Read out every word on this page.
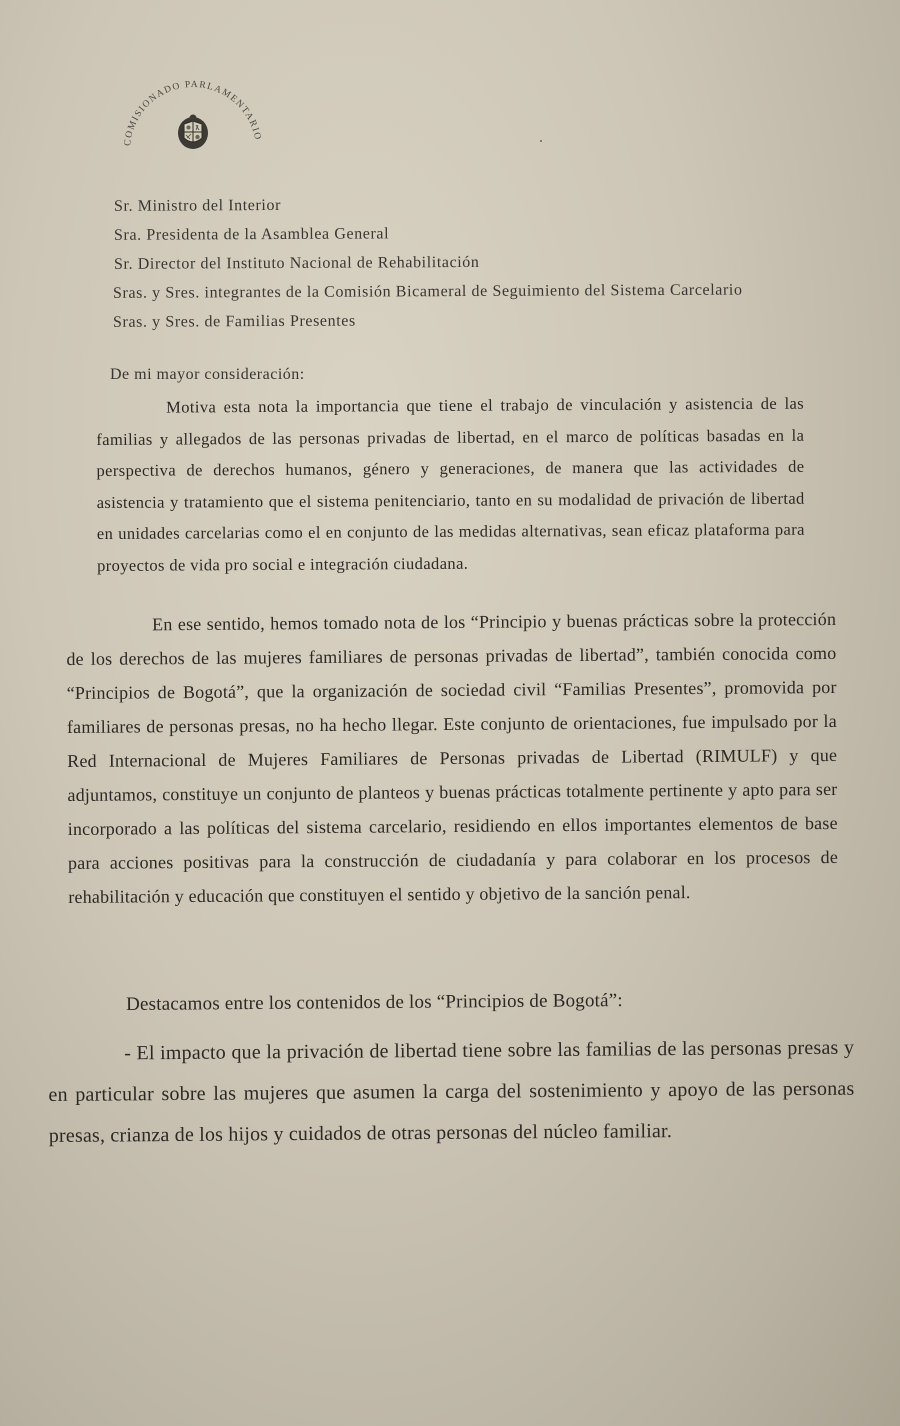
COMISIONADO PARLAMENTARIO
Sr. Ministro del Interior
Sra. Presidenta de la Asamblea General
Sr. Director del Instituto Nacional de Rehabilitación
Sras. y Sres. integrantes de la Comisión Bicameral de Seguimiento del Sistema Carcelario
Sras. y Sres. de Familias Presentes
De mi mayor consideración:

Motiva esta nota la importancia que tiene el trabajo de vinculación y asistencia de las familias y allegados de las personas privadas de libertad, en el marco de políticas basadas en la perspectiva de derechos humanos, género y generaciones, de manera que las actividades de asistencia y tratamiento que el sistema penitenciario, tanto en su modalidad de privación de libertad en unidades carcelarias como el en conjunto de las medidas alternativas, sean eficaz plataforma para proyectos de vida pro social e integración ciudadana.

En ese sentido, hemos tomado nota de los “Principio y buenas prácticas sobre la protección de los derechos de las mujeres familiares de personas privadas de libertad”, también conocida como “Principios de Bogotá”, que la organización de sociedad civil “Familias Presentes”, promovida por familiares de personas presas, no ha hecho llegar. Este conjunto de orientaciones, fue impulsado por la Red Internacional de Mujeres Familiares de Personas privadas de Libertad (RIMULF) y que adjuntamos, constituye un conjunto de planteos y buenas prácticas totalmente pertinente y apto para ser incorporado a las políticas del sistema carcelario, residiendo en ellos importantes elementos de base para acciones positivas para la construcción de ciudadanía y para colaborar en los procesos de rehabilitación y educación que constituyen el sentido y objetivo de la sanción penal.

Destacamos entre los contenidos de los “Principios de Bogotá”:

- El impacto que la privación de libertad tiene sobre las familias de las personas presas y en particular sobre las mujeres que asumen la carga del sostenimiento y apoyo de las personas presas, crianza de los hijos y cuidados de otras personas del núcleo familiar.
